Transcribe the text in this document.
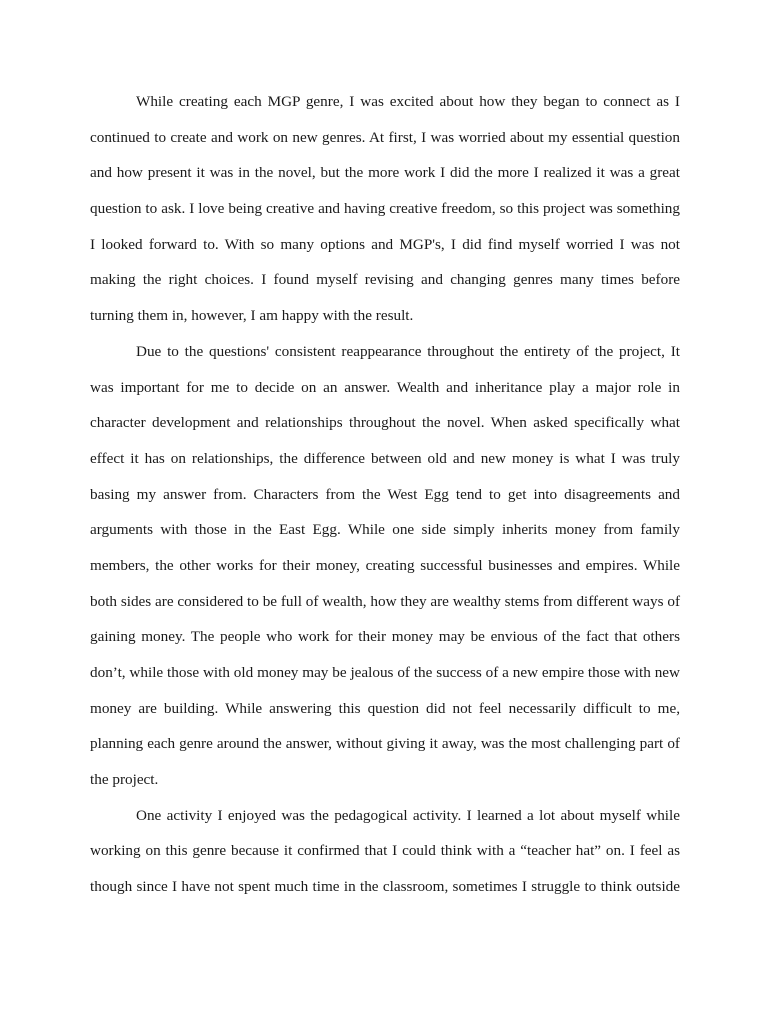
While creating each MGP genre, I was excited about how they began to connect as I
continued to create and work on new genres. At first, I was worried about my essential question
and how present it was in the novel, but the more work I did the more I realized it was a great
question to ask. I love being creative and having creative freedom, so this project was something
I looked forward to. With so many options and MGP's, I did find myself worried I was not
making the right choices. I found myself revising and changing genres many times before
turning them in, however, I am happy with the result.
Due to the questions' consistent reappearance throughout the entirety of the project, It
was important for me to decide on an answer. Wealth and inheritance play a major role in
character development and relationships throughout the novel. When asked specifically what
effect it has on relationships, the difference between old and new money is what I was truly
basing my answer from. Characters from the West Egg tend to get into disagreements and
arguments with those in the East Egg. While one side simply inherits money from family
members, the other works for their money, creating successful businesses and empires. While
both sides are considered to be full of wealth, how they are wealthy stems from different ways of
gaining money. The people who work for their money may be envious of the fact that others
don’t, while those with old money may be jealous of the success of a new empire those with new
money are building. While answering this question did not feel necessarily difficult to me,
planning each genre around the answer, without giving it away, was the most challenging part of
the project.
One activity I enjoyed was the pedagogical activity. I learned a lot about myself while
working on this genre because it confirmed that I could think with a “teacher hat” on. I feel as
though since I have not spent much time in the classroom, sometimes I struggle to think outside
